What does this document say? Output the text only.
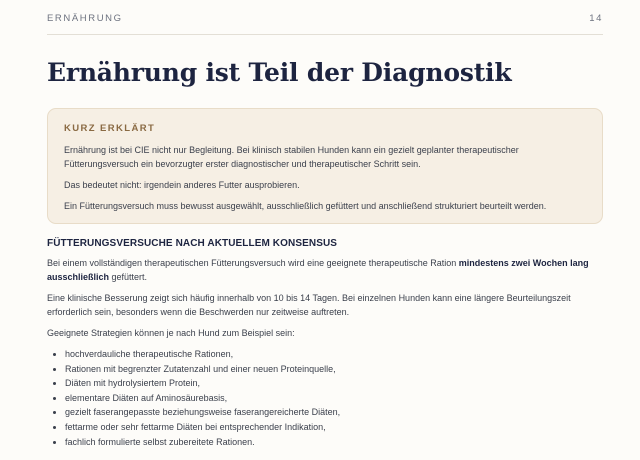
ERNÄHRUNG	14
Ernährung ist Teil der Diagnostik
KURZ ERKLÄRT

Ernährung ist bei CIE nicht nur Begleitung. Bei klinisch stabilen Hunden kann ein gezielt geplanter therapeutischer Fütterungsversuch ein bevorzugter erster diagnostischer und therapeutischer Schritt sein.

Das bedeutet nicht: irgendein anderes Futter ausprobieren.

Ein Fütterungsversuch muss bewusst ausgewählt, ausschließlich gefüttert und anschließend strukturiert beurteilt werden.

FÜTTERUNGSVERSUCHE NACH AKTUELLEM KONSENSUS

Bei einem vollständigen therapeutischen Fütterungsversuch wird eine geeignete therapeutische Ration mindestens zwei Wochen lang ausschließlich gefüttert.

Eine klinische Besserung zeigt sich häufig innerhalb von 10 bis 14 Tagen. Bei einzelnen Hunden kann eine längere Beurteilungszeit erforderlich sein, besonders wenn die Beschwerden nur zeitweise auftreten.

Geeignete Strategien können je nach Hund zum Beispiel sein:

• hochverdauliche therapeutische Rationen,
• Rationen mit begrenzter Zutatenzahl und einer neuen Proteinquelle,
• Diäten mit hydrolysiertem Protein,
• elementare Diäten auf Aminosäurebasis,
• gezielt faserangepasste beziehungsweise faserangereicherte Diäten,
• fettarme oder sehr fettarme Diäten bei entsprechender Indikation,
• fachlich formulierte selbst zubereitete Rationen.
